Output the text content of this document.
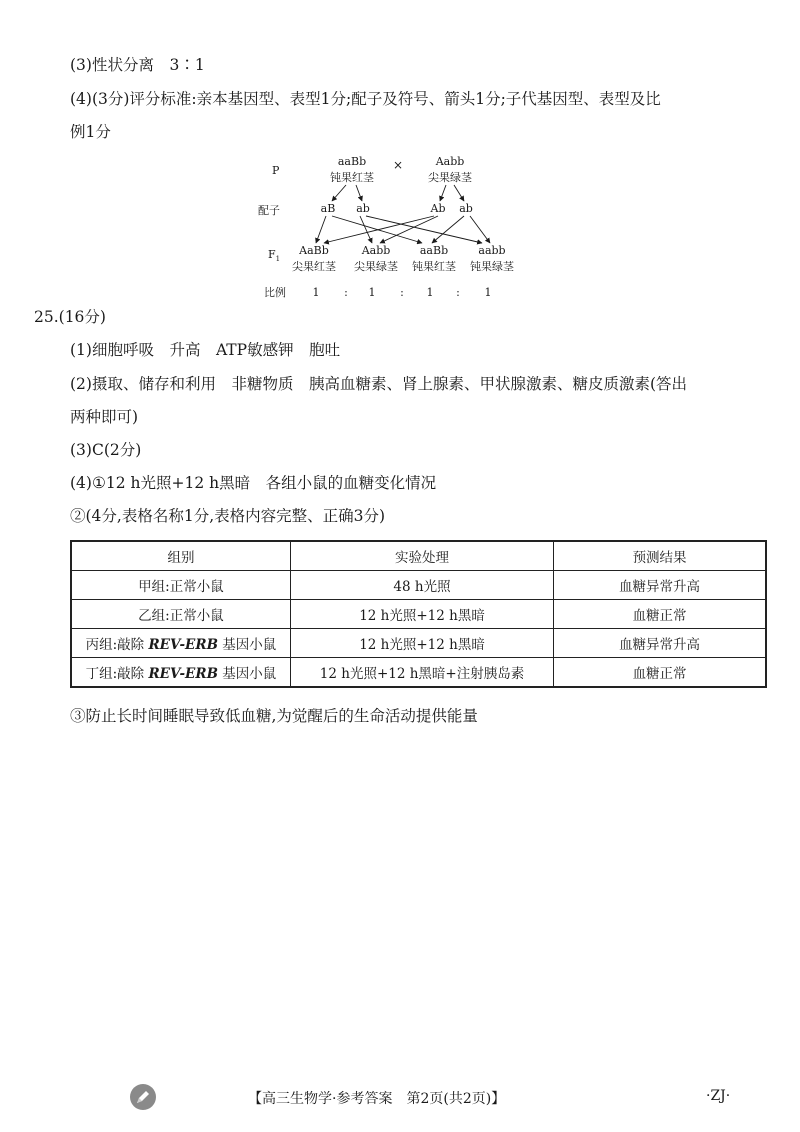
(3)性状分离　3∶1
(4)(3分)评分标准:亲本基因型、表型1分;配子及符号、箭头1分;子代基因型、表型及比
例1分
P
aaBb
钝果红茎
×	Aabb
尖果绿茎
配子	aB ab	Ab ab
$F_1$
AaBb
尖果红茎
Aabb
尖果绿茎
aaBb
钝果红茎
aabb
钝果绿茎
比例 1 : 1 : 1 : 1
25.(16分)
(1)细胞呼吸　升高　ATP敏感钾　胞吐
(2)摄取、储存和利用　非糖物质　胰高血糖素、肾上腺素、甲状腺激素、糖皮质激素(答出
两种即可)
(3)C(2分)
(4)①12 h光照+12 h黑暗　各组小鼠的血糖变化情况
②(4分,表格名称1分,表格内容完整、正确3分)
组别	实验处理	预测结果
甲组:正常小鼠	48 h光照	血糖异常升高
乙组:正常小鼠	12 h光照+12 h黑暗	血糖正常
丙组:敲除 REV-ERB 基因小鼠	12 h光照+12 h黑暗	血糖异常升高
丁组:敲除 REV-ERB 基因小鼠	12 h光照+12 h黑暗+注射胰岛素	血糖正常
③防止长时间睡眠导致低血糖,为觉醒后的生命活动提供能量
【高三生物学·参考答案　第2页(共2页)】	·ZJ·
